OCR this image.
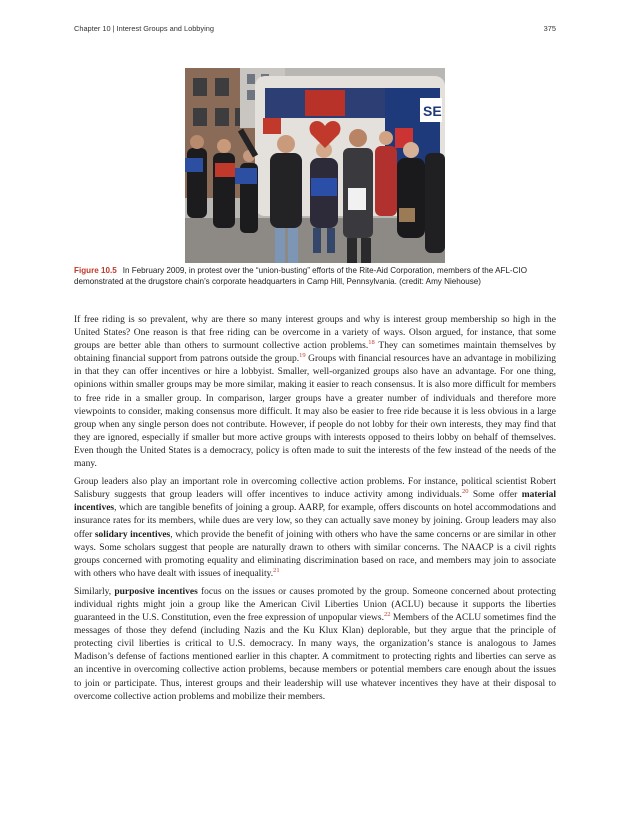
Chapter 10 | Interest Groups and Lobbying	375
SE
Figure 10.5 In February 2009, in protest over the “union-busting” efforts of the Rite-Aid Corporation, members of the AFL-CIO demonstrated at the drugstore chain’s corporate headquarters in Camp Hill, Pennsylvania. (credit: Amy Niehouse)

If free riding is so prevalent, why are there so many interest groups and why is interest group membership so high in the United States? One reason is that free riding can be overcome in a variety of ways. Olson argued, for instance, that some groups are better able than others to surmount collective action problems.$^{18}$ They can sometimes maintain themselves by obtaining financial support from patrons outside the group.$^{19}$ Groups with financial resources have an advantage in mobilizing in that they can offer incentives or hire a lobbyist. Smaller, well-organized groups also have an advantage. For one thing, opinions within smaller groups may be more similar, making it easier to reach consensus. It is also more difficult for members to free ride in a smaller group. In comparison, larger groups have a greater number of individuals and therefore more viewpoints to consider, making consensus more difficult. It may also be easier to free ride because it is less obvious in a large group when any single person does not contribute. However, if people do not lobby for their own interests, they may find that they are ignored, especially if smaller but more active groups with interests opposed to theirs lobby on behalf of themselves. Even though the United States is a democracy, policy is often made to suit the interests of the few instead of the needs of the many.

Group leaders also play an important role in overcoming collective action problems. For instance, political scientist Robert Salisbury suggests that group leaders will offer incentives to induce activity among individuals.$^{20}$ Some offer material incentives, which are tangible benefits of joining a group. AARP, for example, offers discounts on hotel accommodations and insurance rates for its members, while dues are very low, so they can actually save money by joining. Group leaders may also offer solidary incentives, which provide the benefit of joining with others who have the same concerns or are similar in other ways. Some scholars suggest that people are naturally drawn to others with similar concerns. The NAACP is a civil rights groups concerned with promoting equality and eliminating discrimination based on race, and members may join to associate with others who have dealt with issues of inequality.$^{21}$

Similarly, purposive incentives focus on the issues or causes promoted by the group. Someone concerned about protecting individual rights might join a group like the American Civil Liberties Union (ACLU) because it supports the liberties guaranteed in the U.S. Constitution, even the free expression of unpopular views.$^{22}$ Members of the ACLU sometimes find the messages of those they defend (including Nazis and the Ku Klux Klan) deplorable, but they argue that the principle of protecting civil liberties is critical to U.S. democracy. In many ways, the organization’s stance is analogous to James Madison’s defense of factions mentioned earlier in this chapter. A commitment to protecting rights and liberties can serve as an incentive in overcoming collective action problems, because members or potential members care enough about the issues to join or participate. Thus, interest groups and their leadership will use whatever incentives they have at their disposal to overcome collective action problems and mobilize their members.
